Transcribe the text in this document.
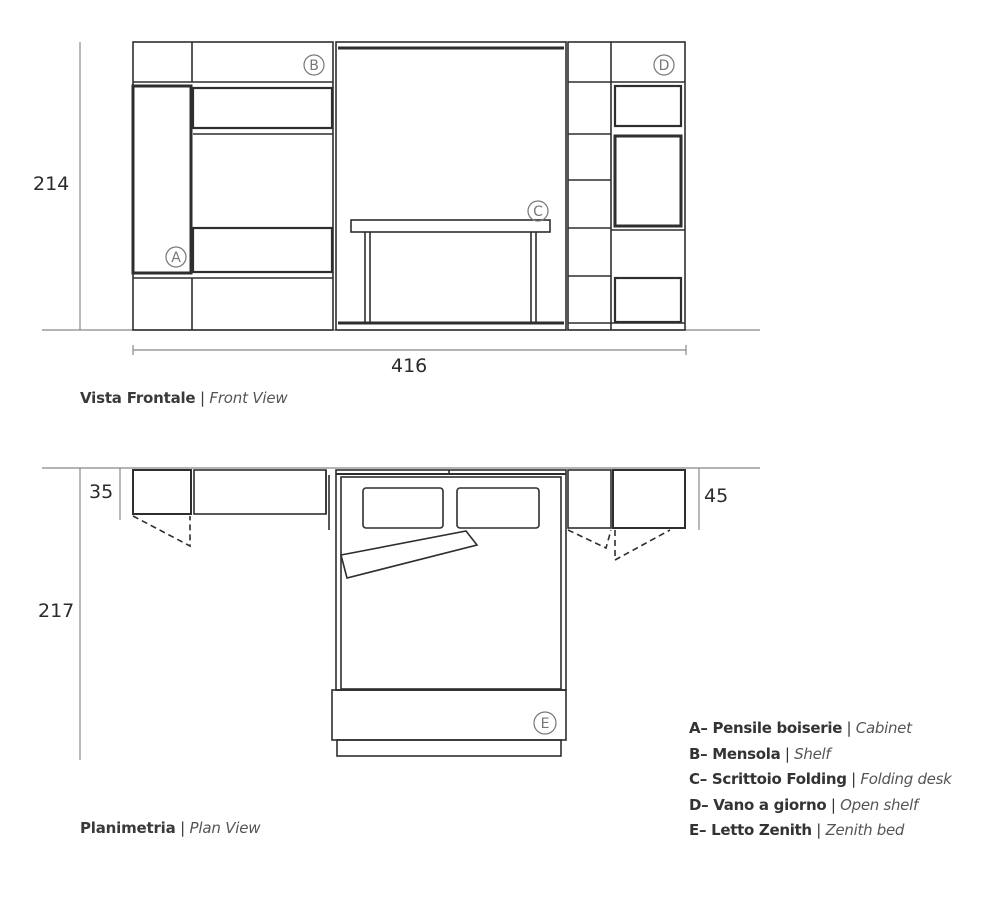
A
B
C
D
E
214
416
35	45
217
Vista Frontale | Front View
Planimetria | Plan View
A– Pensile boiserie | Cabinet
B– Mensola | Shelf
C– Scrittoio Folding | Folding desk
D– Vano a giorno | Open shelf
E– Letto Zenith | Zenith bed
